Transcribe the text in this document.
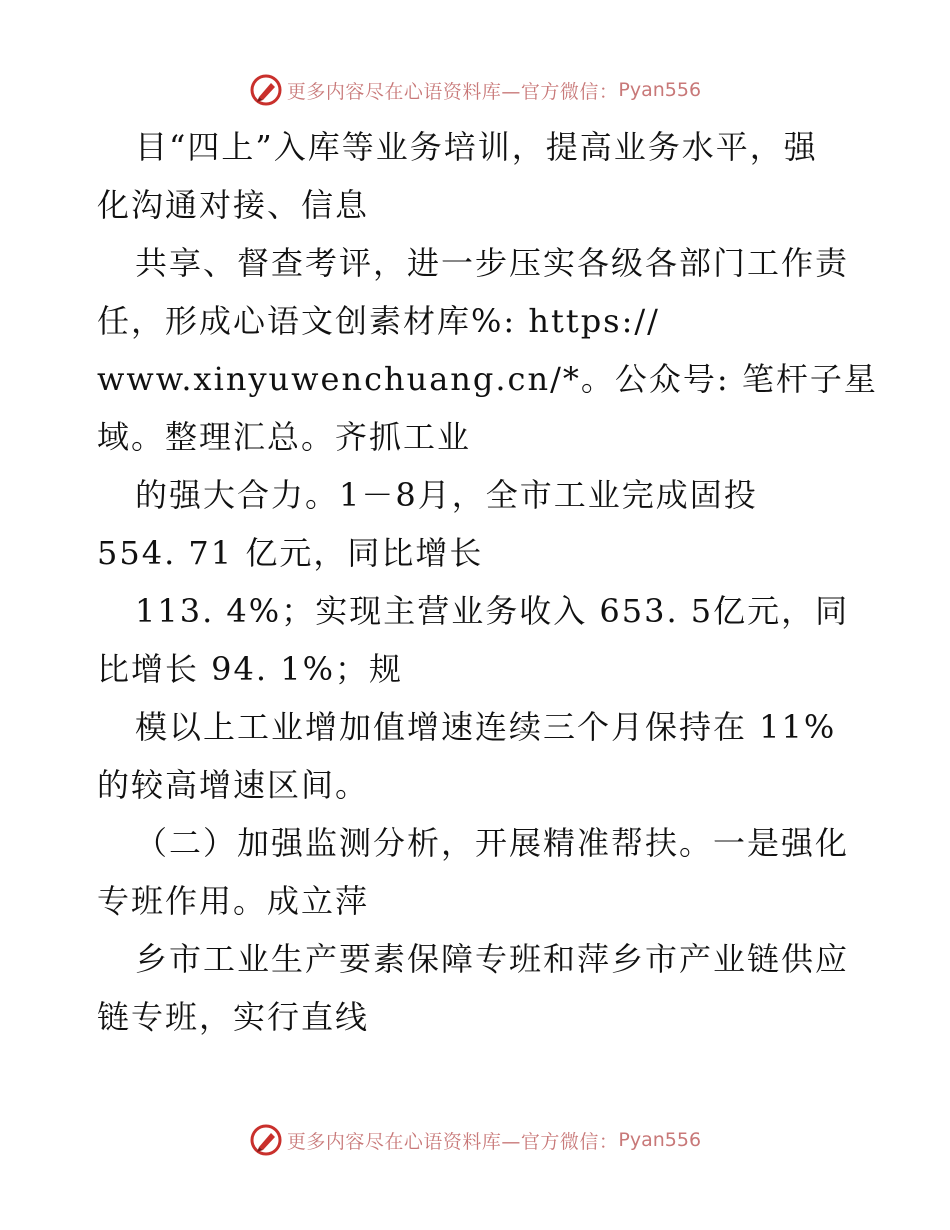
更多内容尽在心语资料库—官方微信： Pyan556
目“四上”入库等业务培训，提高业务水平，强
化沟通对接、信息
共享、督查考评，进一步压实各级各部门工作责
任，形成心语文创素材库%: https://
www.xinyuwenchuang.cn/*。公众号: 笔杆子星
域。整理汇总。齐抓工业
的强大合力。1－8月，全市工业完成固投
554. 71 亿元，同比增长
113. 4%；实现主营业务收入 653. 5亿元，同
比增长 94. 1%；规
模以上工业增加值增速连续三个月保持在 11%
的较高增速区间。
（二）加强监测分析，开展精准帮扶。一是强化
专班作用。成立萍
乡市工业生产要素保障专班和萍乡市产业链供应
链专班，实行直线
更多内容尽在心语资料库—官方微信： Pyan556
